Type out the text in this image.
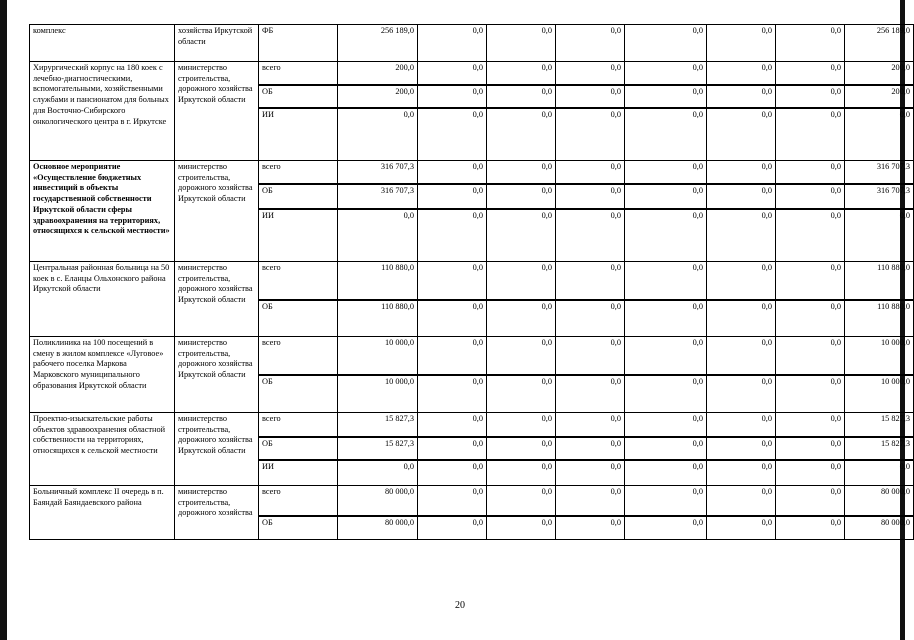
комплекс	хозяйства Иркутской области	ФБ	256 189,0	0,0	0,0	0,0	0,0	0,0	0,0	256 189,0
Хирургический корпус на 180 коек с лечебно-диагностическими, вспомогательными, хозяйственными службами и пансионатом для больных для Восточно-Сибирского онкологического центра в г. Иркутске	министерство строительства, дорожного хозяйства Иркутской области	всего	200,0	0,0	0,0	0,0	0,0	0,0	0,0	200,0
		ОБ	200,0	0,0	0,0	0,0	0,0	0,0	0,0	200,0
		ИИ	0,0	0,0	0,0	0,0	0,0	0,0	0,0	0,0
Основное мероприятие «Осуществление бюджетных инвестиций в объекты государственной собственности Иркутской области сферы здравоохранения на территориях, относящихся к сельской местности»	министерство строительства, дорожного хозяйства Иркутской области	всего	316 707,3	0,0	0,0	0,0	0,0	0,0	0,0	316 707,3
		ОБ	316 707,3	0,0	0,0	0,0	0,0	0,0	0,0	316 707,3
		ИИ	0,0	0,0	0,0	0,0	0,0	0,0	0,0	0,0
Центральная районная больница на 50 коек в с. Еланцы Ольхонского района Иркутской области	министерство строительства, дорожного хозяйства Иркутской области	всего	110 880,0	0,0	0,0	0,0	0,0	0,0	0,0	110 880,0
		ОБ	110 880,0	0,0	0,0	0,0	0,0	0,0	0,0	110 880,0
Поликлиника на 100 посещений в смену в жилом комплексе «Луговое» рабочего поселка Маркова Марковского муниципального образования Иркутской области	министерство строительства, дорожного хозяйства Иркутской области	всего	10 000,0	0,0	0,0	0,0	0,0	0,0	0,0	10 000,0
		ОБ	10 000,0	0,0	0,0	0,0	0,0	0,0	0,0	10 000,0
Проектно-изыскательские работы объектов здравоохранения областной собственности на территориях, относящихся к сельской местности	министерство строительства, дорожного хозяйства Иркутской области	всего	15 827,3	0,0	0,0	0,0	0,0	0,0	0,0	15 827,3
		ОБ	15 827,3	0,0	0,0	0,0	0,0	0,0	0,0	15 827,3
		ИИ	0,0	0,0	0,0	0,0	0,0	0,0	0,0	0,0
Больничный комплекс II очередь в п. Баяндай Баяндаевского района	министерство строительства, дорожного хозяйства	всего	80 000,0	0,0	0,0	0,0	0,0	0,0	0,0	80 000,0
		ОБ	80 000,0	0,0	0,0	0,0	0,0	0,0	0,0	80 000,0
20
